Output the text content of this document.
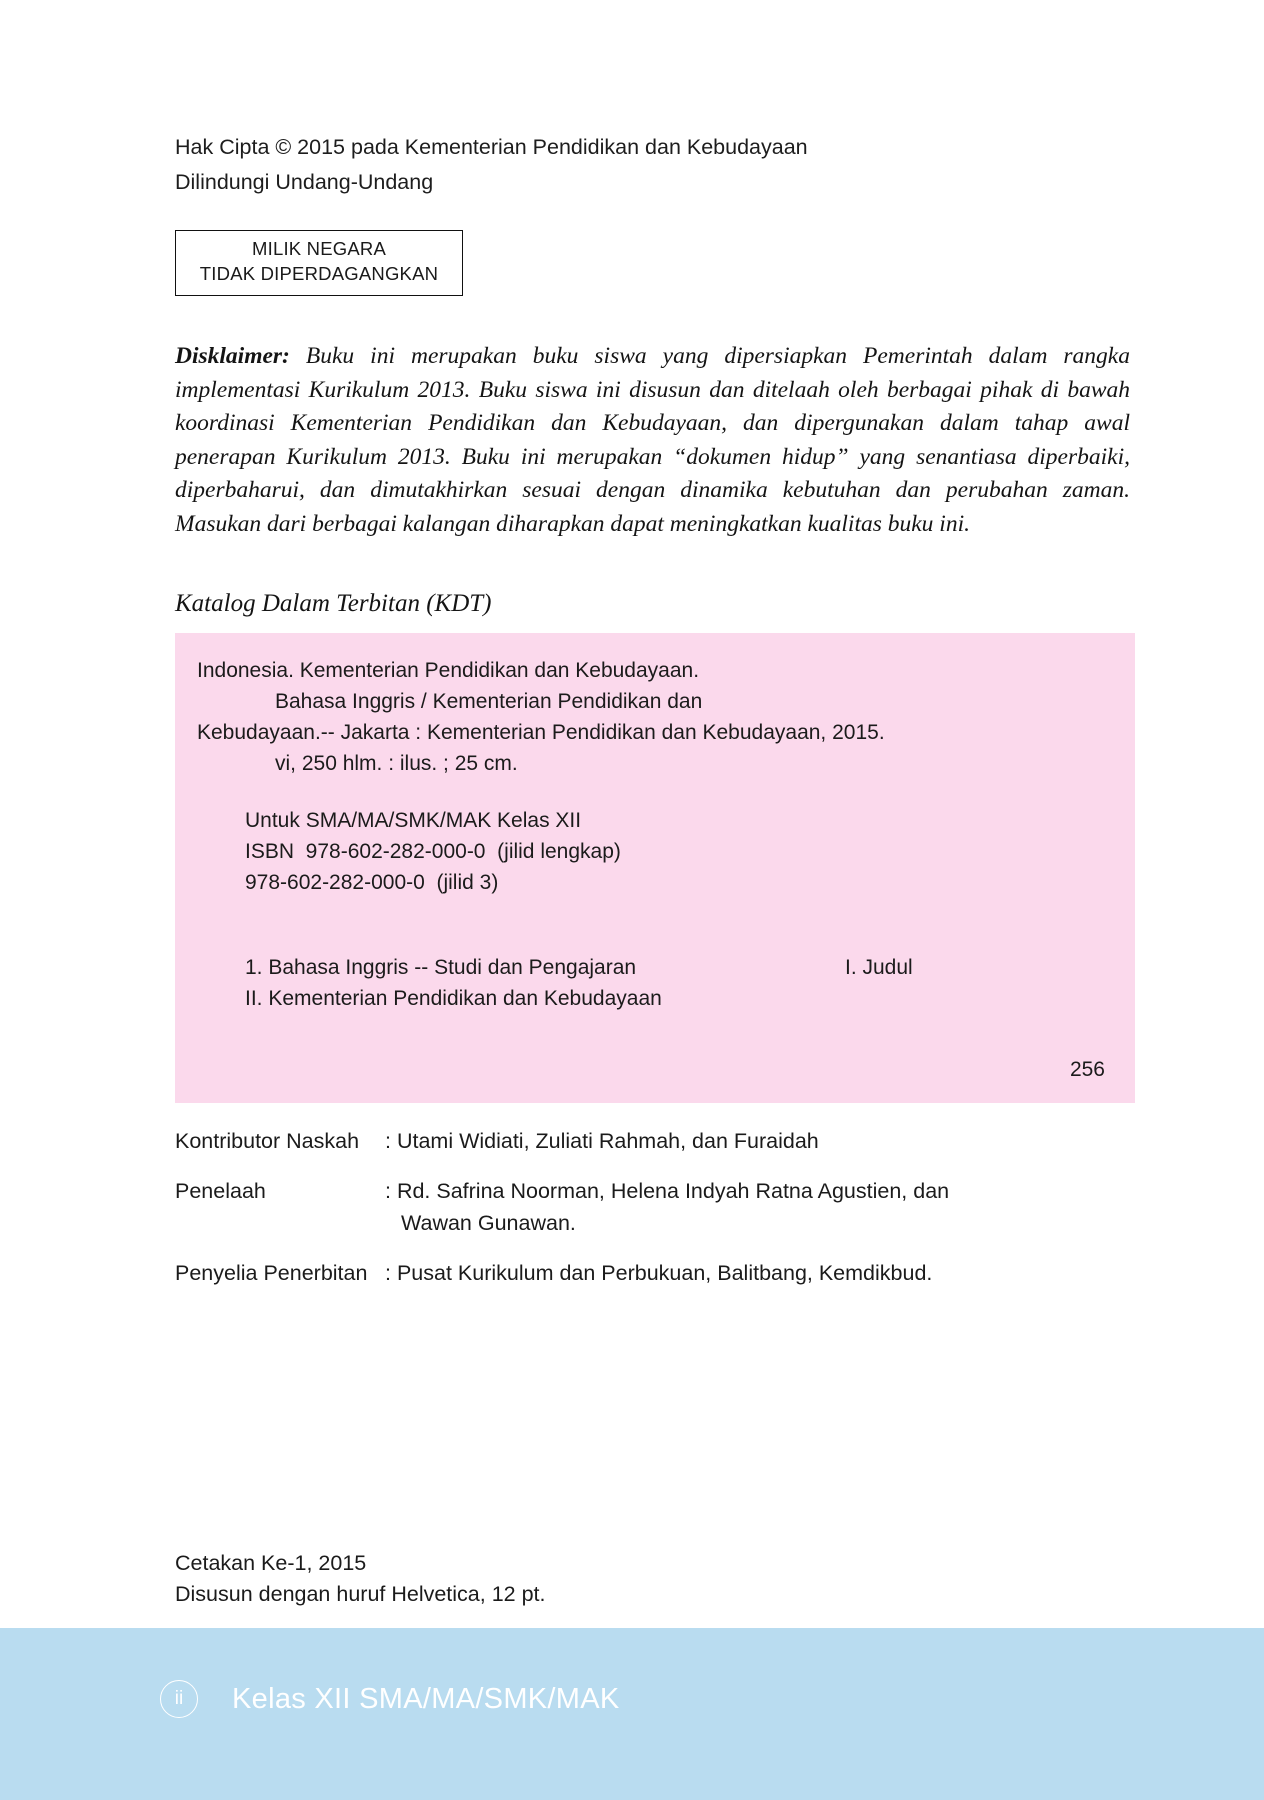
Hak Cipta © 2015 pada Kementerian Pendidikan dan Kebudayaan
Dilindungi Undang-Undang
MILIK NEGARA
TIDAK DIPERDAGANGKAN

Disklaimer: Buku ini merupakan buku siswa yang dipersiapkan Pemerintah dalam rangka implementasi Kurikulum 2013. Buku siswa ini disusun dan ditelaah oleh berbagai pihak di bawah koordinasi Kementerian Pendidikan dan Kebudayaan, dan dipergunakan dalam tahap awal penerapan Kurikulum 2013. Buku ini merupakan “dokumen hidup” yang senantiasa diperbaiki, diperbaharui, dan dimutakhirkan sesuai dengan dinamika kebutuhan dan perubahan zaman. Masukan dari berbagai kalangan diharapkan dapat meningkatkan kualitas buku ini.

Katalog Dalam Terbitan (KDT)
Indonesia. Kementerian Pendidikan dan Kebudayaan.
Bahasa Inggris / Kementerian Pendidikan dan
Kebudayaan.-- Jakarta : Kementerian Pendidikan dan Kebudayaan, 2015.
vi, 250 hlm. : ilus. ; 25 cm.
Untuk SMA/MA/SMK/MAK Kelas XII
ISBN  978-602-282-000-0  (jilid lengkap)
978-602-282-000-0  (jilid 3)
1. Bahasa Inggris -- Studi dan Pengajaran	I. Judul
II. Kementerian Pendidikan dan Kebudayaan
256
Kontributor Naskah	: Utami Widiati, Zuliati Rahmah, dan Furaidah
Penelaah	: Rd. Safrina Noorman, Helena Indyah Ratna Agustien, dan
Wawan Gunawan.
Penyelia Penerbitan : Pusat Kurikulum dan Perbukuan, Balitbang, Kemdikbud.
Cetakan Ke-1, 2015
Disusun dengan huruf Helvetica, 12 pt.
ii	Kelas XII SMA/MA/SMK/MAK
